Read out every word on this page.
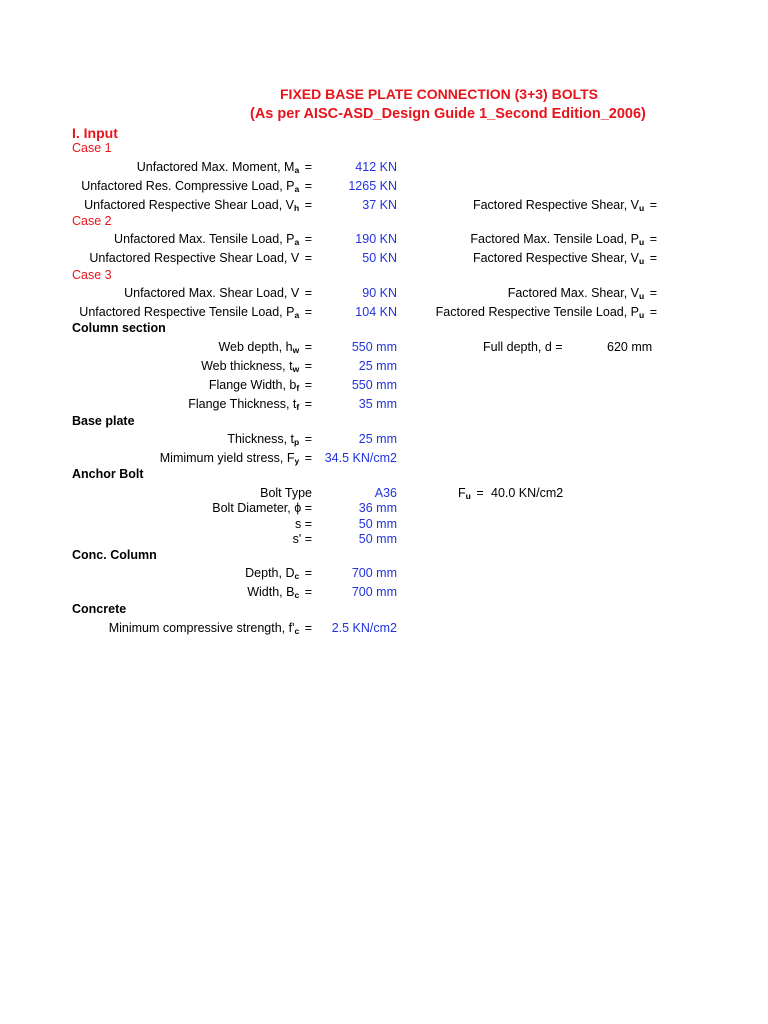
FIXED BASE PLATE CONNECTION (3+3) BOLTS
(As per AISC-ASD_Design Guide 1_Second Edition_2006)
I. Input
Case 1
Unfactored Max. Moment, $M_a$ =	412 KN
Unfactored Res. Compressive Load, $P_a$ =	1265 KN
Unfactored Respective Shear Load, $V_h$ =	37 KN	Factored Respective Shear, $V_u$ =
Case 2
Unfactored Max. Tensile Load, $P_a$ =	190 KN	Factored Max. Tensile Load, $P_u$ =
Unfactored Respective Shear Load, V =	50 KN	Factored Respective Shear, $V_u$ =
Case 3
Unfactored Max. Shear Load, V =	90 KN	Factored Max. Shear, $V_u$ =
Unfactored Respective Tensile Load, $P_a$ =	104 KN	Factored Respective Tensile Load, $P_u$ =
Column section
Web depth, $h_w$ =	550 mm	Full depth, d =	620 mm
Web thickness, $t_w$ =	25 mm
Flange Width, $b_f$ =	550 mm
Flange Thickness, $t_f$ =	35 mm
Base plate
Thickness, $t_p$ =	25 mm
Mimimum yield stress, $F_y = 34.5$ KN/cm2
Anchor Bolt
Bolt Type	A36	$F_u = 40.0$ KN/cm2
Bolt Diameter, ϕ =	36 mm
s =	50 mm
s' =	50 mm
Conc. Column
Depth, $D_c$ =	700 mm
Width, $B_c$ =	700 mm
Concrete
Minimum compressive strength, $f'_c = 2.5$ KN/cm2
